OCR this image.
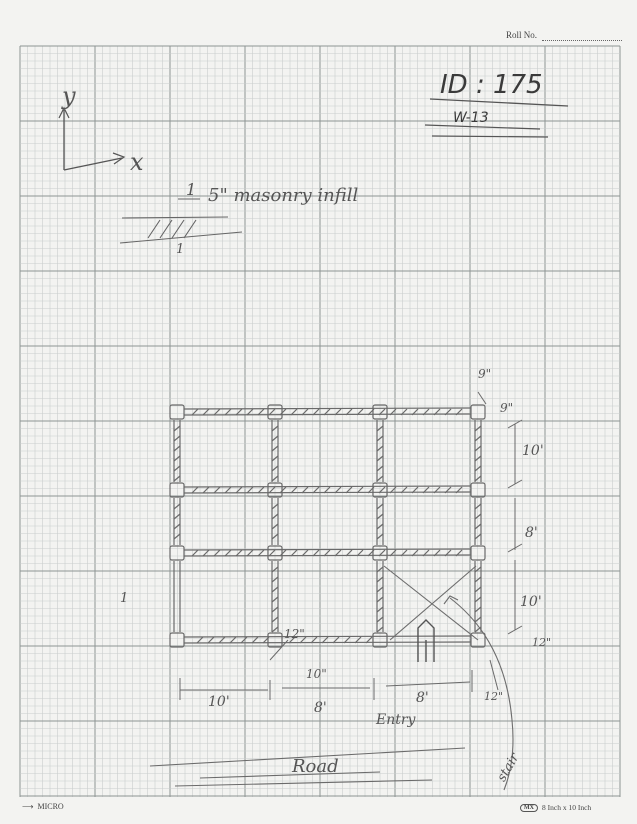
Roll No.
⟶ MICRO	MX	8 Inch x 10 Inch
ID : 175
W-13
y
x
1 5" masonry infill
1
9"
9"
10'
8'
10'
12"
12"
10"
12"
10'	8'
8'
Entry
Road	stair
1
